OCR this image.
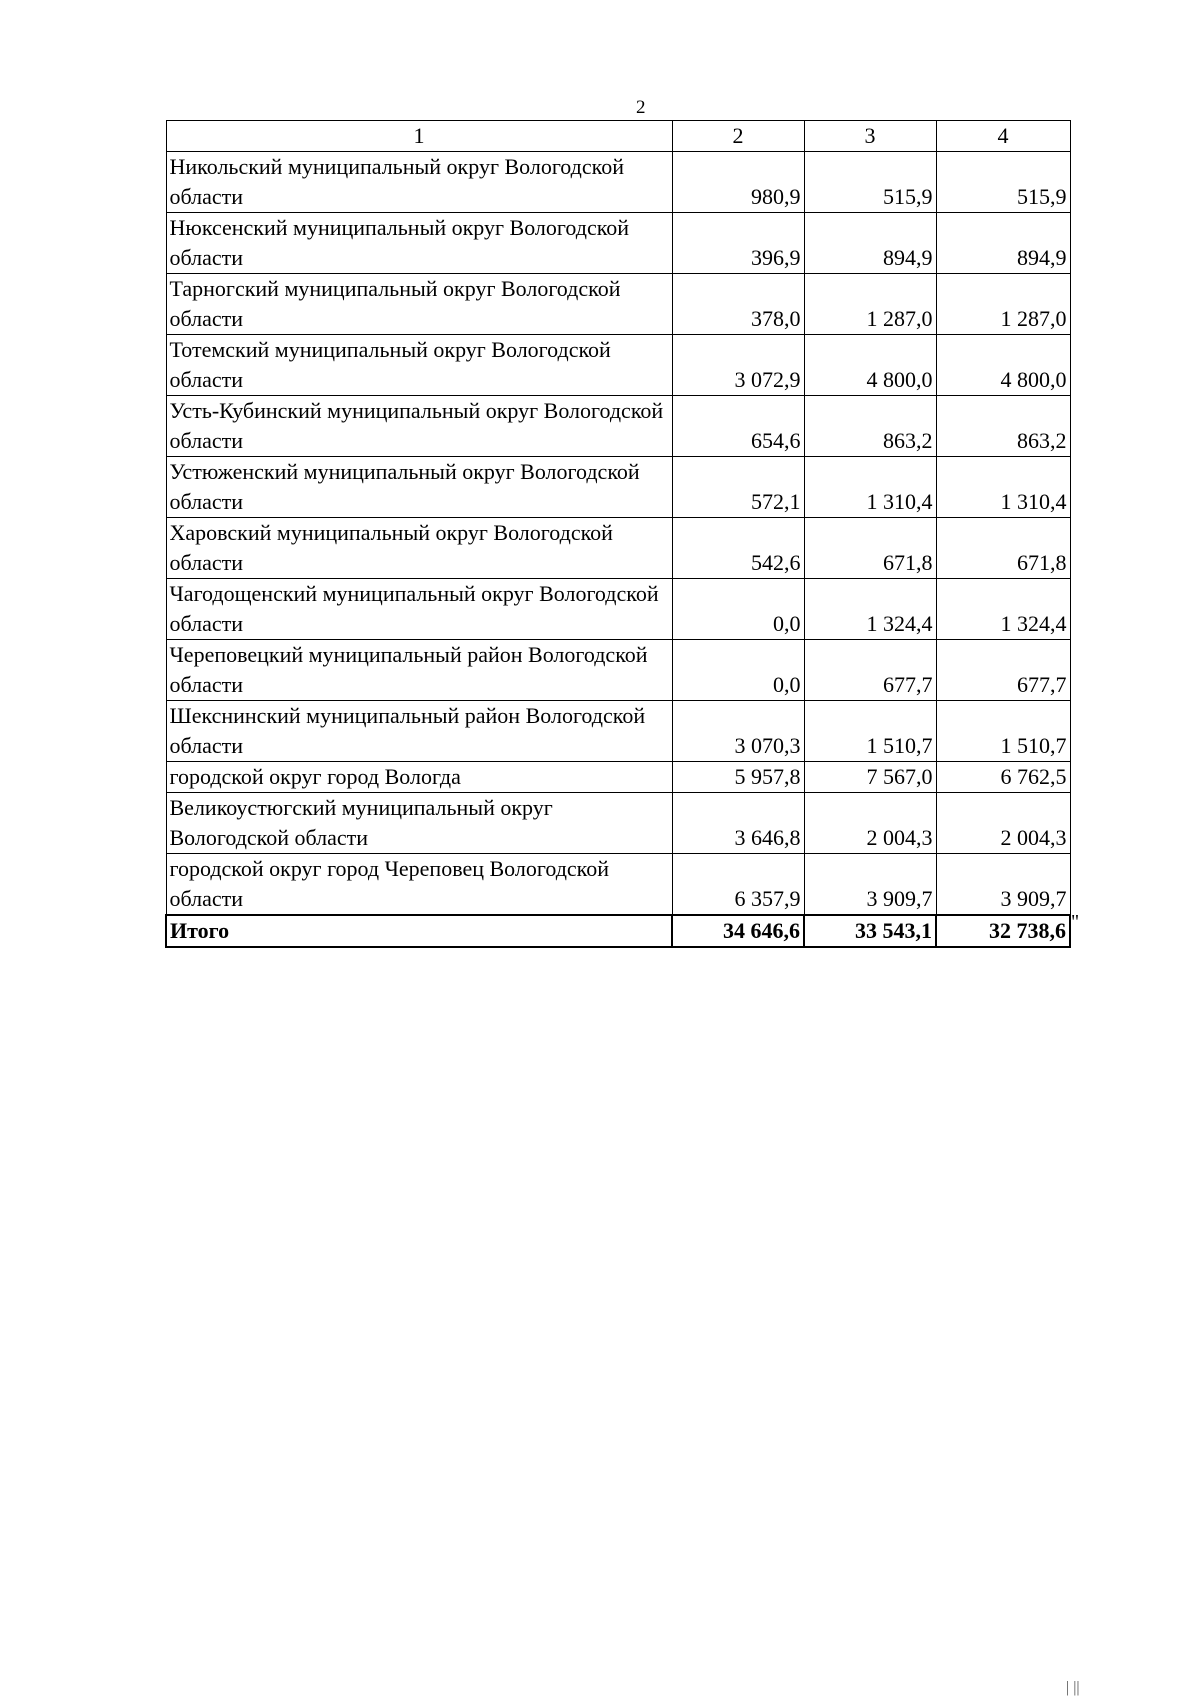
2
1	2	3	4
Никольский муниципальный округ Вологодской области	980,9	515,9	515,9
Нюксенский муниципальный округ Вологодской области	396,9	894,9	894,9
Тарногский муниципальный округ Вологодской области	378,0	1 287,0	1 287,0
Тотемский муниципальный округ Вологодской области	3 072,9	4 800,0	4 800,0
Усть-Кубинский муниципальный округ Вологодской области	654,6	863,2	863,2
Устюженский муниципальный округ Вологодской области	572,1	1 310,4	1 310,4
Харовский муниципальный округ Вологодской области	542,6	671,8	671,8
Чагодощенский муниципальный округ Вологодской области	0,0	1 324,4	1 324,4
Череповецкий муниципальный район Вологодской области	0,0	677,7	677,7
Шекснинский муниципальный район Вологодской области	3 070,3	1 510,7	1 510,7
городской округ город Вологда	5 957,8	7 567,0	6 762,5
Великоустюгский муниципальный округ Вологодской области	3 646,8	2 004,3	2 004,3
городской округ город Череповец Вологодской области	6 357,9	3 909,7	3 909,7
Итого	34 646,6	33 543,1	32 738,6 "
| ||
